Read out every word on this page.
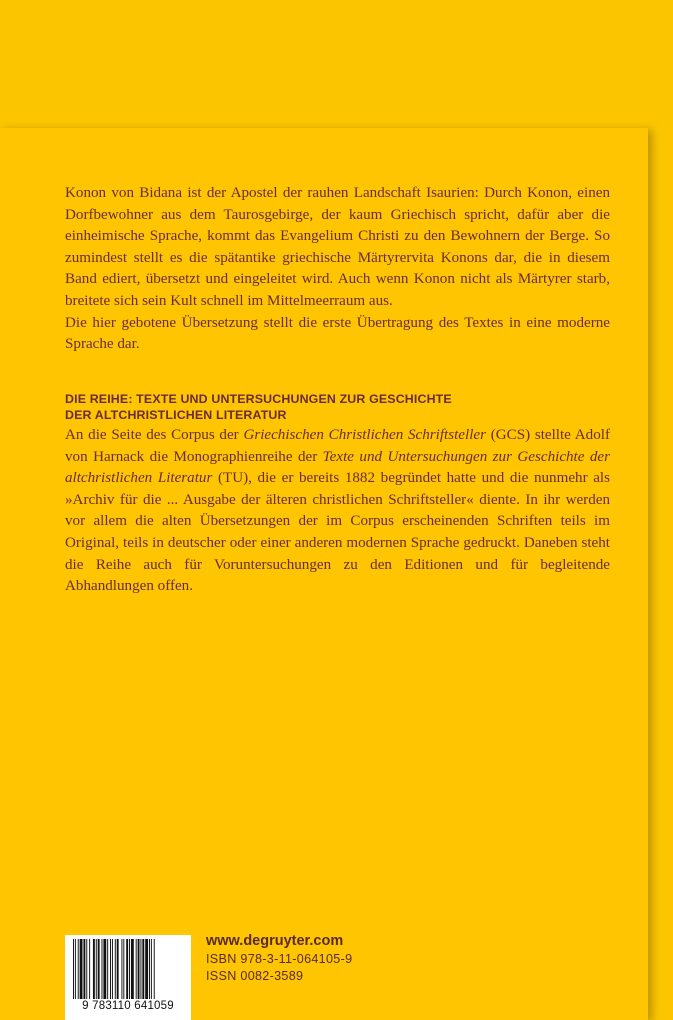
Konon von Bidana ist der Apostel der rauhen Landschaft Isaurien: Durch Konon, einen Dorfbewohner aus dem Taurosgebirge, der kaum Griechisch spricht, dafür aber die einheimische Sprache, kommt das Evangelium Christi zu den Bewohnern der Berge. So zumindest stellt es die spätantike griechische Märtyrervita Konons dar, die in diesem Band ediert, übersetzt und eingeleitet wird. Auch wenn Konon nicht als Märtyrer starb, breitete sich sein Kult schnell im Mittelmeerraum aus.

Die hier gebotene Übersetzung stellt die erste Übertragung des Textes in eine moderne Sprache dar.

DIE REIHE: TEXTE UND UNTERSUCHUNGEN ZUR GESCHICHTE
DER ALTCHRISTLICHEN LITERATUR

An die Seite des Corpus der Griechischen Christlichen Schriftsteller (GCS) stellte Adolf von Harnack die Monographienreihe der Texte und Untersuchungen zur Geschichte der altchristlichen Literatur (TU), die er bereits 1882 begründet hatte und die nunmehr als »Archiv für die ... Ausgabe der älteren christlichen Schriftsteller« diente. In ihr werden vor allem die alten Übersetzungen der im Corpus erscheinenden Schriften teils im Original, teils in deutscher oder einer anderen modernen Sprache gedruckt. Daneben steht die Reihe auch für Voruntersuchungen zu den Editionen und für begleitende Abhandlungen offen.

9 783110 641059
www.degruyter.com
ISBN 978-3-11-064105-9
ISSN 0082-3589
